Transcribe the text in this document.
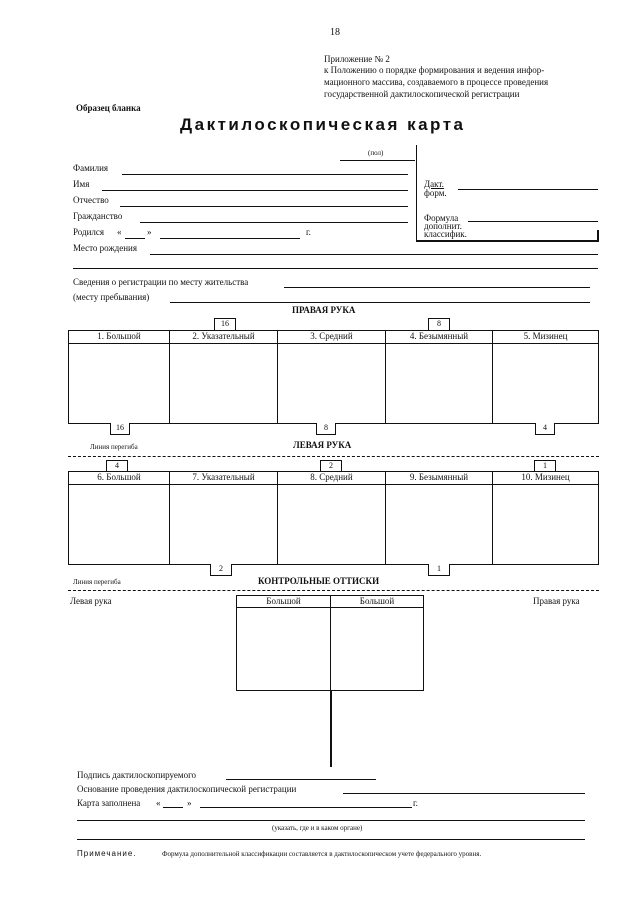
18
Приложение № 2
к Положению о порядке формирования и ведения инфор-
мационного массива, создаваемого в процессе проведения
государственной дактилоскопической регистрации
Образец бланка
Дактилоскопическая карта
(пол)
Фамилия
Имя
Отчество
Гражданство
Родился «	»	г.
Место рождения
Сведения о регистрации по месту жительства
(месту пребывания)
Дакт.
форм.
Формула
дополнит.
классифик.
ПРАВАЯ РУКА
16	8
1. Большой	2. Указательный	3. Средний	4. Безымянный	5. Мизинец
16	8	4
Линия перегиба	ЛЕВАЯ РУКА
4	2	1
6. Большой	7. Указательный	8. Средний	9. Безымянный	10. Мизинец
2	1
Линия перегиба	КОНТРОЛЬНЫЕ ОТТИСКИ
Левая рука	Правая рука
Большой	Большой
Подпись дактилоскопируемого
Основание проведения дактилоскопической регистрации
Карта заполнена «	»	г.
(указать, где и в каком органе)
Примечание.	Формула дополнительной классификации составляется в дактилоскопическом учете федерального уровня.
